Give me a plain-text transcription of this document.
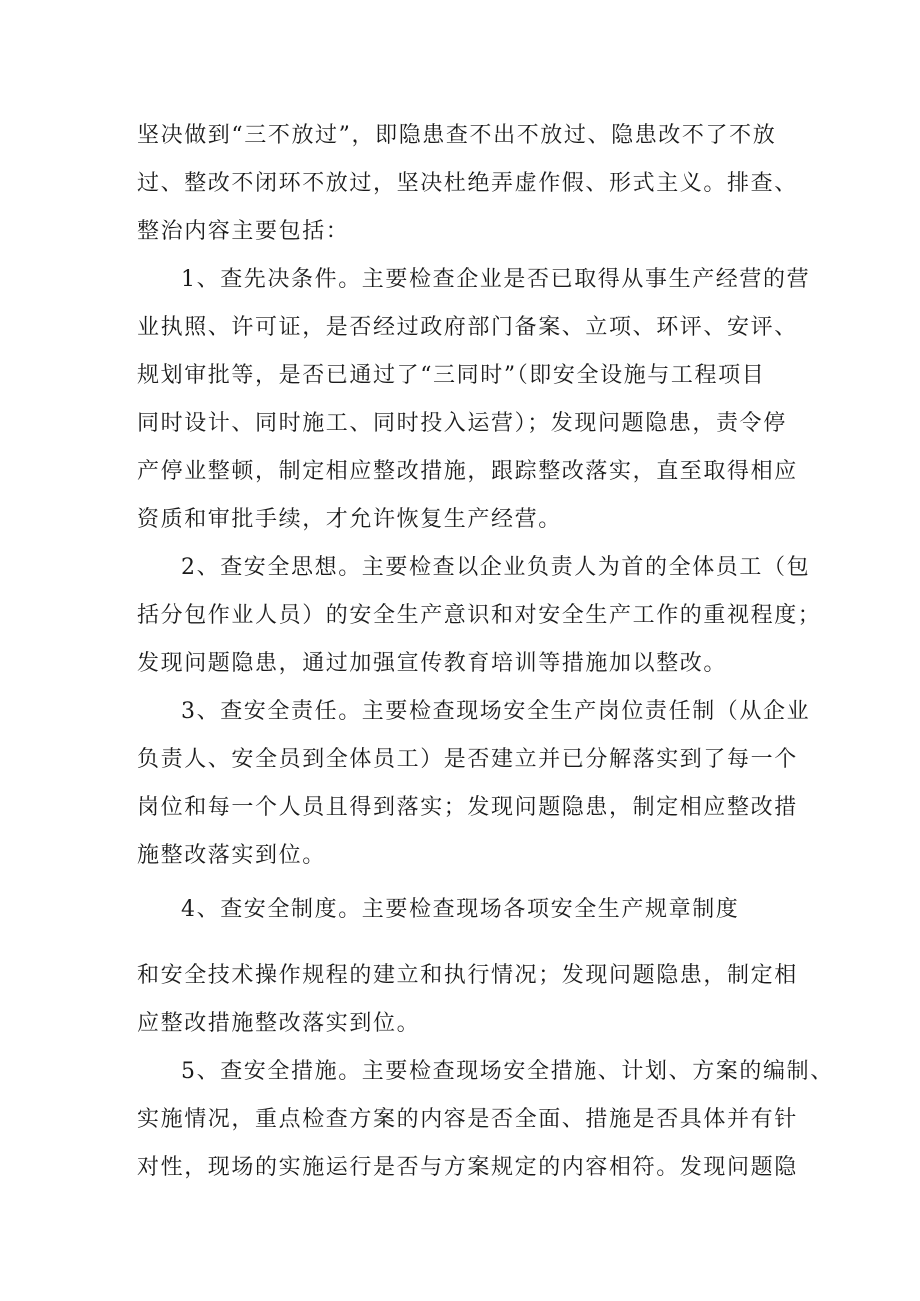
坚决做到“三不放过”，即隐患查不出不放过、隐患改不了不放
过、整改不闭环不放过，坚决杜绝弄虚作假、形式主义。排查、
整治内容主要包括：
1、查先决条件。主要检查企业是否已取得从事生产经营的营
业执照、许可证，是否经过政府部门备案、立项、环评、安评、
规划审批等，是否已通过了“三同时”（即安全设施与工程项目
同时设计、同时施工、同时投入运营）；发现问题隐患，责令停
产停业整顿，制定相应整改措施，跟踪整改落实，直至取得相应
资质和审批手续，才允许恢复生产经营。
2、查安全思想。主要检查以企业负责人为首的全体员工（包
括分包作业人员）的安全生产意识和对安全生产工作的重视程度；
发现问题隐患，通过加强宣传教育培训等措施加以整改。
3、查安全责任。主要检查现场安全生产岗位责任制（从企业
负责人、安全员到全体员工）是否建立并已分解落实到了每一个
岗位和每一个人员且得到落实；发现问题隐患，制定相应整改措
施整改落实到位。
4、查安全制度。主要检查现场各项安全生产规章制度
和安全技术操作规程的建立和执行情况；发现问题隐患，制定相
应整改措施整改落实到位。
5、查安全措施。主要检查现场安全措施、计划、方案的编制、
实施情况，重点检查方案的内容是否全面、措施是否具体并有针
对性，现场的实施运行是否与方案规定的内容相符。发现问题隐
